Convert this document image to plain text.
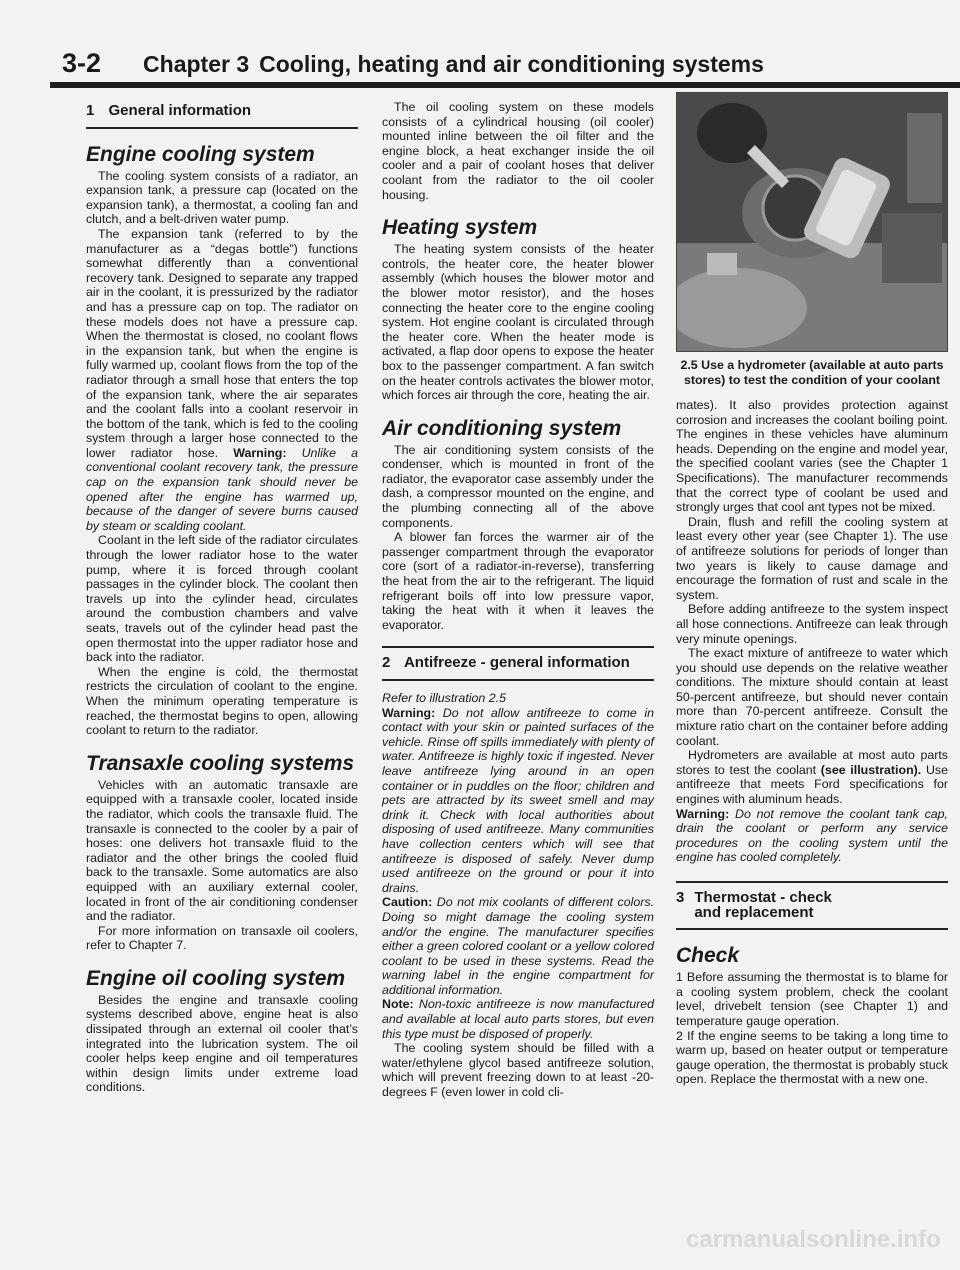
3-2 Chapter 3 Cooling, heating and air conditioning systems
1 General information
Engine cooling system

The cooling system consists of a radiator, an expansion tank, a pressure cap (located on the expansion tank), a thermostat, a cooling fan and clutch, and a belt-driven water pump.

The expansion tank (referred to by the manufacturer as a “degas bottle”) functions somewhat differently than a conventional recovery tank. Designed to separate any trapped air in the coolant, it is pressurized by the radiator and has a pressure cap on top. The radiator on these models does not have a pressure cap. When the thermostat is closed, no coolant flows in the expansion tank, but when the engine is fully warmed up, coolant flows from the top of the radiator through a small hose that enters the top of the expansion tank, where the air separates and the coolant falls into a coolant reservoir in the bottom of the tank, which is fed to the cooling system through a larger hose connected to the lower radiator hose. Warning: Unlike a conventional coolant recovery tank, the pressure cap on the expansion tank should never be opened after the engine has warmed up, because of the danger of severe burns caused by steam or scalding coolant.

Coolant in the left side of the radiator circulates through the lower radiator hose to the water pump, where it is forced through coolant passages in the cylinder block. The coolant then travels up into the cylinder head, circulates around the combustion chambers and valve seats, travels out of the cylinder head past the open thermostat into the upper radiator hose and back into the radiator.

When the engine is cold, the thermostat restricts the circulation of coolant to the engine. When the minimum operating temperature is reached, the thermostat begins to open, allowing coolant to return to the radiator.

Transaxle cooling systems

Vehicles with an automatic transaxle are equipped with a transaxle cooler, located inside the radiator, which cools the transaxle fluid. The transaxle is connected to the cooler by a pair of hoses: one delivers hot transaxle fluid to the radiator and the other brings the cooled fluid back to the transaxle. Some automatics are also equipped with an auxiliary external cooler, located in front of the air conditioning condenser and the radiator.

For more information on transaxle oil coolers, refer to Chapter 7.

Engine oil cooling system

Besides the engine and transaxle cooling systems described above, engine heat is also dissipated through an external oil cooler that’s integrated into the lubrication system. The oil cooler helps keep engine and oil temperatures within design limits under extreme load conditions.

The oil cooling system on these models consists of a cylindrical housing (oil cooler) mounted inline between the oil filter and the engine block, a heat exchanger inside the oil cooler and a pair of coolant hoses that deliver coolant from the radiator to the oil cooler housing.

Heating system

The heating system consists of the heater controls, the heater core, the heater blower assembly (which houses the blower motor and the blower motor resistor), and the hoses connecting the heater core to the engine cooling system. Hot engine coolant is circulated through the heater core. When the heater mode is activated, a flap door opens to expose the heater box to the passenger compartment. A fan switch on the heater controls activates the blower motor, which forces air through the core, heating the air.

Air conditioning system

The air conditioning system consists of the condenser, which is mounted in front of the radiator, the evaporator case assembly under the dash, a compressor mounted on the engine, and the plumbing connecting all of the above components.

A blower fan forces the warmer air of the passenger compartment through the evaporator core (sort of a radiator-in-reverse), transferring the heat from the air to the refrigerant. The liquid refrigerant boils off into low pressure vapor, taking the heat with it when it leaves the evaporator.

2 Antifreeze - general information

Refer to illustration 2.5

Warning: Do not allow antifreeze to come in contact with your skin or painted surfaces of the vehicle. Rinse off spills immediately with plenty of water. Antifreeze is highly toxic if ingested. Never leave antifreeze lying around in an open container or in puddles on the floor; children and pets are attracted by its sweet smell and may drink it. Check with local authorities about disposing of used antifreeze. Many communities have collection centers which will see that antifreeze is disposed of safely. Never dump used antifreeze on the ground or pour it into drains.

Caution: Do not mix coolants of different colors. Doing so might damage the cooling system and/or the engine. The manufacturer specifies either a green colored coolant or a yellow colored coolant to be used in these systems. Read the warning label in the engine compartment for additional information.

Note: Non-toxic antifreeze is now manufactured and available at local auto parts stores, but even this type must be disposed of properly.

The cooling system should be filled with a water/ethylene glycol based antifreeze solution, which will prevent freezing down to at least -20-degrees F (even lower in cold cli-

2.5 Use a hydrometer (available at auto parts stores) to test the condition of your coolant

mates). It also provides protection against corrosion and increases the coolant boiling point. The engines in these vehicles have aluminum heads. Depending on the engine and model year, the specified coolant varies (see the Chapter 1 Specifications). The manufacturer recommends that the correct type of coolant be used and strongly urges that cool ant types not be mixed.

Drain, flush and refill the cooling system at least every other year (see Chapter 1). The use of antifreeze solutions for periods of longer than two years is likely to cause damage and encourage the formation of rust and scale in the system.

Before adding antifreeze to the system inspect all hose connections. Antifreeze can leak through very minute openings.

The exact mixture of antifreeze to water which you should use depends on the relative weather conditions. The mixture should contain at least 50-percent antifreeze, but should never contain more than 70-percent antifreeze. Consult the mixture ratio chart on the container before adding coolant.

Hydrometers are available at most auto parts stores to test the coolant (see illustration). Use antifreeze that meets Ford specifications for engines with aluminum heads.

Warning: Do not remove the coolant tank cap, drain the coolant or perform any service procedures on the cooling system until the engine has cooled completely.

3 Thermostat - check and replacement
Check

1 Before assuming the thermostat is to blame for a cooling system problem, check the coolant level, drivebelt tension (see Chapter 1) and temperature gauge operation.

2 If the engine seems to be taking a long time to warm up, based on heater output or temperature gauge operation, the thermostat is probably stuck open. Replace the thermostat with a new one.

carmanualsonline.info
